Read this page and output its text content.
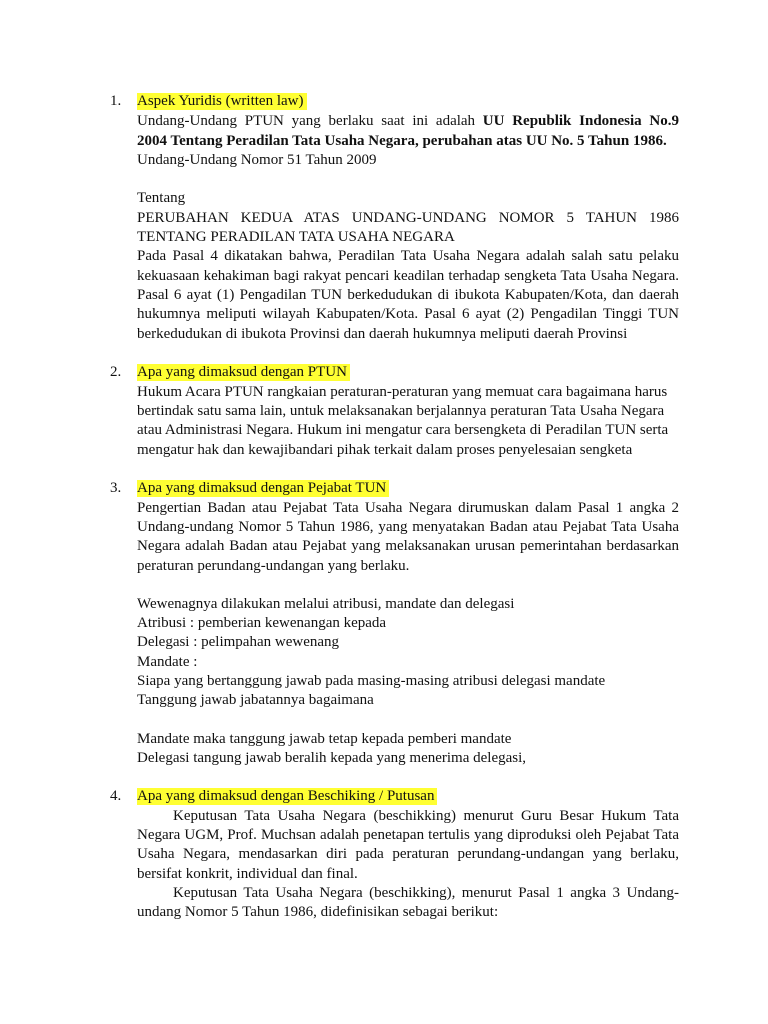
1. Aspek Yuridis (written law)
Undang-Undang PTUN yang berlaku saat ini adalah UU Republik Indonesia No.9
2004 Tentang Peradilan Tata Usaha Negara, perubahan atas UU No. 5 Tahun 1986.
Undang-Undang Nomor 51 Tahun 2009
Tentang
PERUBAHAN KEDUA ATAS UNDANG-UNDANG NOMOR 5 TAHUN 1986
TENTANG PERADILAN TATA USAHA NEGARA
Pada Pasal 4 dikatakan bahwa, Peradilan Tata Usaha Negara adalah salah satu pelaku
kekuasaan kehakiman bagi rakyat pencari keadilan terhadap sengketa Tata Usaha Negara.
Pasal 6 ayat (1) Pengadilan TUN berkedudukan di ibukota Kabupaten/Kota, dan daerah
hukumnya meliputi wilayah Kabupaten/Kota. Pasal 6 ayat (2) Pengadilan Tinggi TUN
berkedudukan di ibukota Provinsi dan daerah hukumnya meliputi daerah Provinsi
2. Apa yang dimaksud dengan PTUN
Hukum Acara PTUN rangkaian peraturan-peraturan yang memuat cara bagaimana harus
bertindak satu sama lain, untuk melaksanakan berjalannya peraturan Tata Usaha Negara
atau Administrasi Negara. Hukum ini mengatur cara bersengketa di Peradilan TUN serta
mengatur hak dan kewajibandari pihak terkait dalam proses penyelesaian sengketa
3. Apa yang dimaksud dengan Pejabat TUN
Pengertian Badan atau Pejabat Tata Usaha Negara dirumuskan dalam Pasal 1 angka 2
Undang-undang Nomor 5 Tahun 1986, yang menyatakan Badan atau Pejabat Tata Usaha
Negara adalah Badan atau Pejabat yang melaksanakan urusan pemerintahan berdasarkan
peraturan perundang-undangan yang berlaku.
Wewenagnya dilakukan melalui atribusi, mandate dan delegasi
Atribusi : pemberian kewenangan kepada
Delegasi : pelimpahan wewenang
Mandate :
Siapa yang bertanggung jawab pada masing-masing atribusi delegasi mandate
Tanggung jawab jabatannya bagaimana
Mandate maka tanggung jawab tetap kepada pemberi mandate
Delegasi tangung jawab beralih kepada yang menerima delegasi,
4. Apa yang dimaksud dengan Beschiking / Putusan
Keputusan Tata Usaha Negara (beschikking) menurut Guru Besar Hukum Tata
Negara UGM, Prof. Muchsan adalah penetapan tertulis yang diproduksi oleh Pejabat Tata
Usaha Negara, mendasarkan diri pada peraturan perundang-undangan yang berlaku,
bersifat konkrit, individual dan final.
Keputusan Tata Usaha Negara (beschikking), menurut Pasal 1 angka 3 Undang-
undang Nomor 5 Tahun 1986, didefinisikan sebagai berikut:
